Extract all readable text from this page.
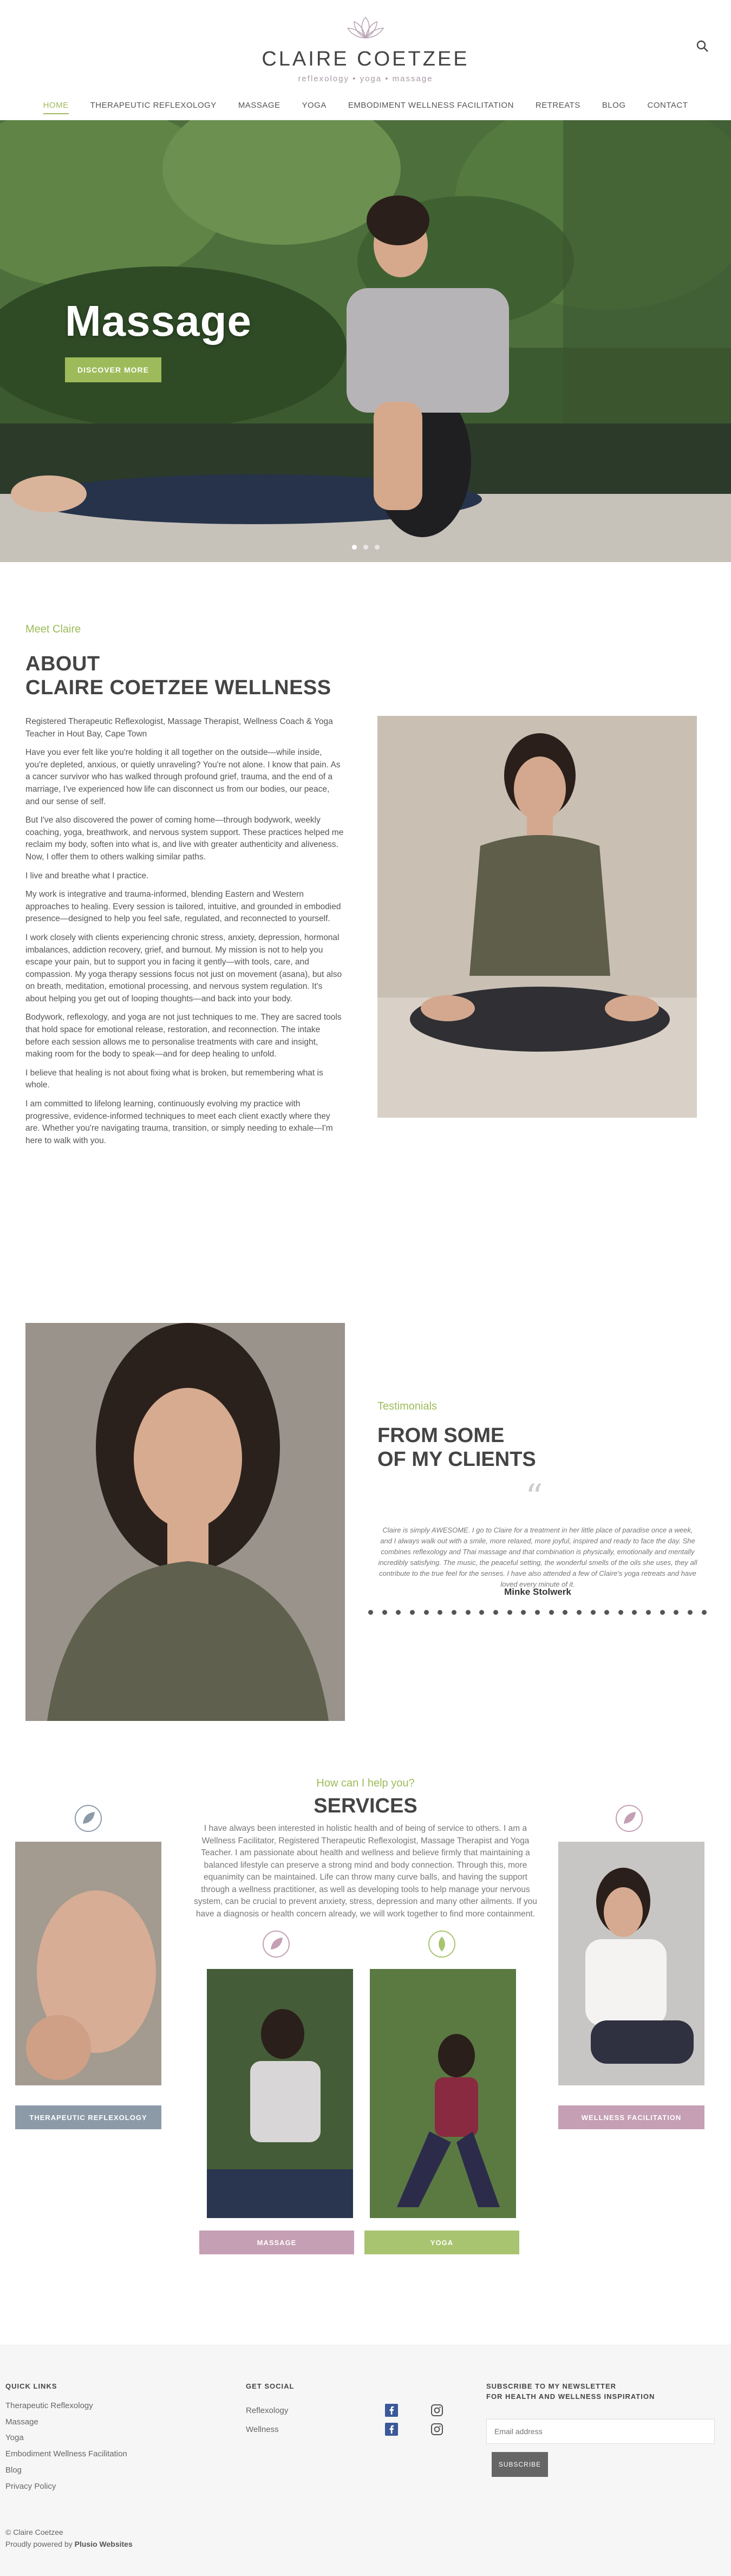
CLAIRE COETZEE
reflexology • yoga • massage
HOME	THERAPEUTIC REFLEXOLOGY	MASSAGE	YOGA	EMBODIMENT WELLNESS FACILITATION	RETREATS	BLOG	CONTACT
Massage
DISCOVER MORE
Meet Claire
ABOUT
CLAIRE COETZEE WELLNESS

Registered Therapeutic Reflexologist, Massage Therapist, Wellness Coach & Yoga Teacher in Hout Bay, Cape Town

Have you ever felt like you're holding it all together on the outside—while inside, you're depleted, anxious, or quietly unraveling? You're not alone. I know that pain. As a cancer survivor who has walked through profound grief, trauma, and the end of a marriage, I've experienced how life can disconnect us from our bodies, our peace, and our sense of self.

But I've also discovered the power of coming home—through bodywork, weekly coaching, yoga, breathwork, and nervous system support. These practices helped me reclaim my body, soften into what is, and live with greater authenticity and aliveness. Now, I offer them to others walking similar paths.

I live and breathe what I practice.

My work is integrative and trauma-informed, blending Eastern and Western approaches to healing. Every session is tailored, intuitive, and grounded in embodied presence—designed to help you feel safe, regulated, and reconnected to yourself.

I work closely with clients experiencing chronic stress, anxiety, depression, hormonal imbalances, addiction recovery, grief, and burnout. My mission is not to help you escape your pain, but to support you in facing it gently—with tools, care, and compassion. My yoga therapy sessions focus not just on movement (asana), but also on breath, meditation, emotional processing, and nervous system regulation. It's about helping you get out of looping thoughts—and back into your body.

Bodywork, reflexology, and yoga are not just techniques to me. They are sacred tools that hold space for emotional release, restoration, and reconnection. The intake before each session allows me to personalise treatments with care and insight, making room for the body to speak—and for deep healing to unfold.

I believe that healing is not about fixing what is broken, but remembering what is whole.

I am committed to lifelong learning, continuously evolving my practice with progressive, evidence-informed techniques to meet each client exactly where they are. Whether you're navigating trauma, transition, or simply needing to exhale—I'm here to walk with you.

Testimonials
FROM SOME
OF MY CLIENTS
“

Claire is simply AWESOME. I go to Claire for a treatment in her little place of paradise once a week, and I always walk out with a smile, more relaxed, more joyful, inspired and ready to face the day. She combines reflexology and Thai massage and that combination is physically, emotionally and mentally incredibly satisfying. The music, the peaceful setting, the wonderful smells of the oils she uses, they all contribute to the true feel for the senses. I have also attended a few of Claire's yoga retreats and have loved every minute of it.

Minke Stolwerk
How can I help you?
SERVICES

I have always been interested in holistic health and of being of service to others. I am a Wellness Facilitator, Registered Therapeutic Reflexologist, Massage Therapist and Yoga Teacher. I am passionate about health and wellness and believe firmly that maintaining a balanced lifestyle can preserve a strong mind and body connection. Through this, more equanimity can be maintained. Life can throw many curve balls, and having the support through a wellness practitioner, as well as developing tools to help manage your nervous system, can be crucial to prevent anxiety, stress, depression and many other ailments. If you have a diagnosis or health concern already, we will work together to find more containment.

THERAPEUTIC REFLEXOLOGY
MASSAGE	YOGA
WELLNESS FACILITATION
QUICK LINKS
Therapeutic Reflexology
Massage
Yoga
Embodiment Wellness Facilitation
Blog
Privacy Policy
GET SOCIAL
Reflexology
Wellness
SUBSCRIBE TO MY NEWSLETTER
FOR HEALTH AND WELLNESS INSPIRATION
Email address
SUBSCRIBE
© Claire Coetzee
Proudly powered by Plusio Websites
